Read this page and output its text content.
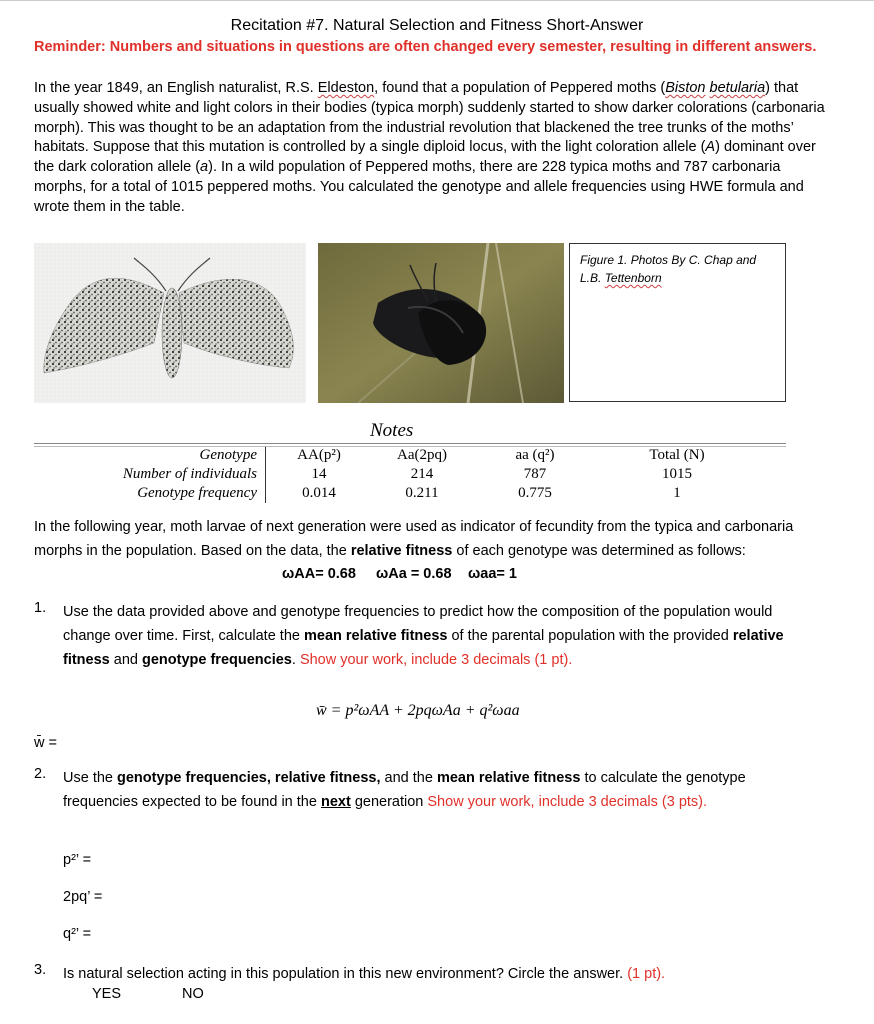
Recitation #7. Natural Selection and Fitness Short-Answer
Reminder: Numbers and situations in questions are often changed every semester, resulting in different answers.
In the year 1849, an English naturalist, R.S. Eldeston, found that a population of Peppered moths (Biston betularia) that usually showed white and light colors in their bodies (typica morph) suddenly started to show darker colorations (carbonaria morph). This was thought to be an adaptation from the industrial revolution that blackened the tree trunks of the moths’ habitats. Suppose that this mutation is controlled by a single diploid locus, with the light coloration allele (A) dominant over the dark coloration allele (a). In a wild population of Peppered moths, there are 228 typica moths and 787 carbonaria morphs, for a total of 1015 peppered moths. You calculated the genotype and allele frequencies using HWE formula and wrote them in the table.
Figure 1. Photos By C. Chap and L.B. Tettenborn
Notes
Genotype
Number of individuals
Genotype frequency
AA(p²)
14
0.014
Aa(2pq)
214
0.211
aa (q²)
787
0.775
Total (N)
1015
1
In the following year, moth larvae of next generation were used as indicator of fecundity from the typica and carbonaria morphs in the population. Based on the data, the relative fitness of each genotype was determined as follows:
ωAA= 0.68 ωAa = 0.68 ωaa= 1
1. Use the data provided above and genotype frequencies to predict how the composition of the population would change over time. First, calculate the mean relative fitness of the parental population with the provided relative fitness and genotype frequencies. Show your work, include 3 decimals (1 pt).
w̄ = p²ωAA + 2pqωAa + q²ωaa
w̄ =
2. Use the genotype frequencies, relative fitness, and the mean relative fitness to calculate the genotype frequencies expected to be found in the next generation Show your work, include 3 decimals (3 pts).
p²’ =
2pq’ =
q²’ =
3. Is natural selection acting in this population in this new environment? Circle the answer. (1 pt).
YES	NO
